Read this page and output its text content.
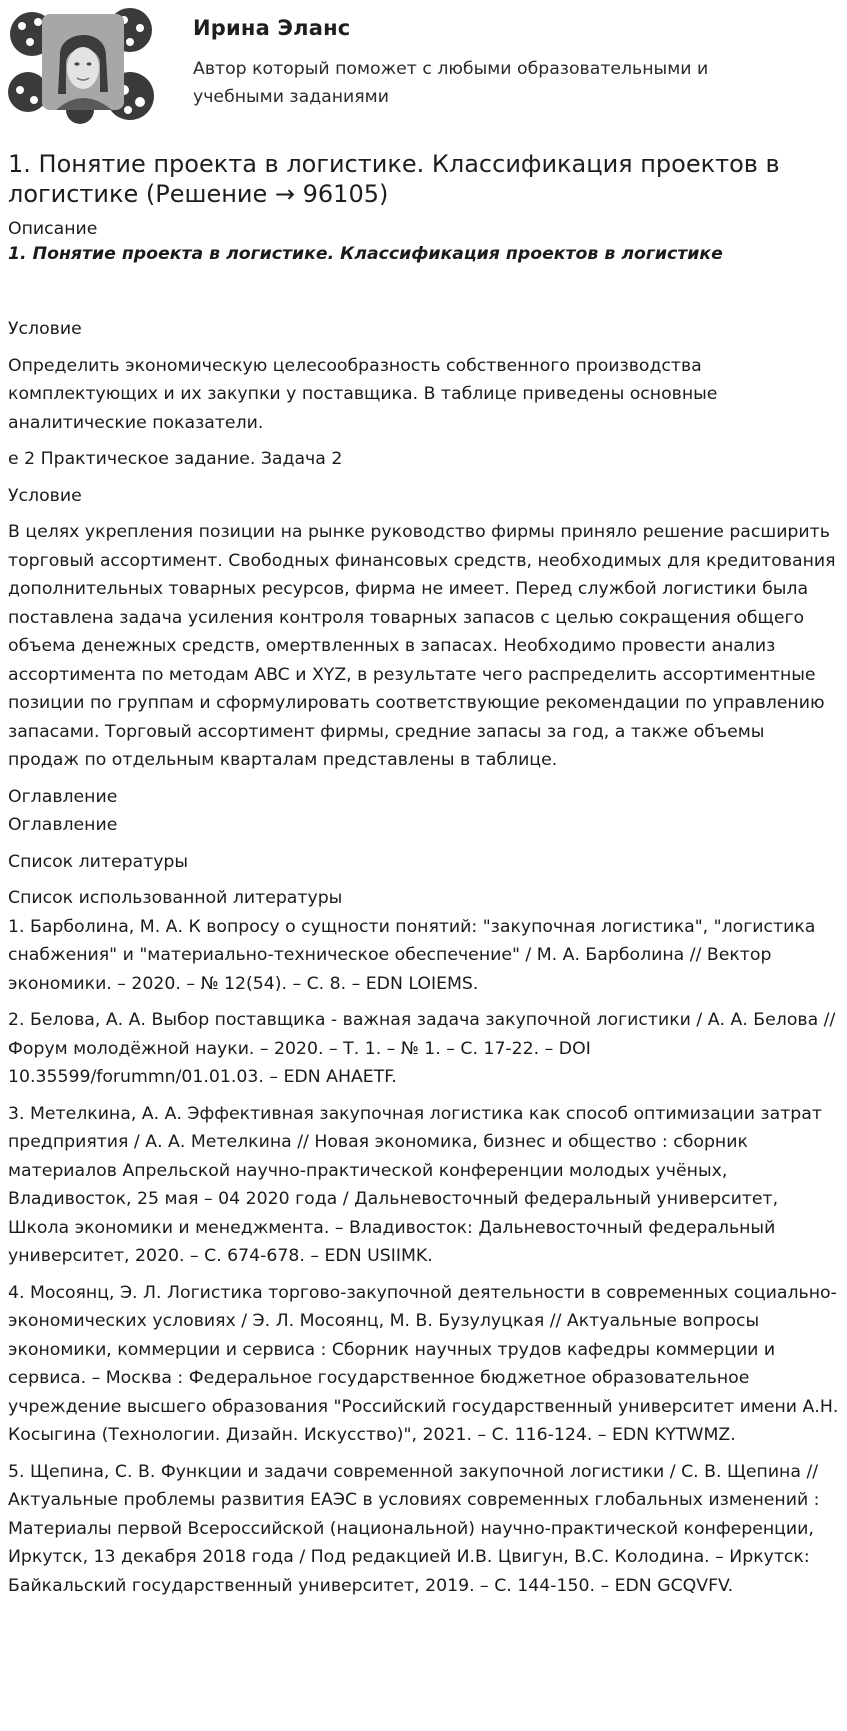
Ирина Эланс
Автор который поможет с любыми образовательными и учебными заданиями
1. Понятие проекта в логистике. Классификация проектов в логистике (Решение → 96105)
Описание
1. Понятие проекта в логистике. Классификация проектов в логистике

Условие

Определить экономическую целесообразность собственного производства комплектующих и их закупки у поставщика. В таблице приведены основные аналитические показатели.

е 2 Практическое задание. Задача 2

Условие

В целях укрепления позиции на рынке руководство фирмы приняло решение расширить торговый ассортимент. Свободных финансовых средств, необходимых для кредитования дополнительных товарных ресурсов, фирма не имеет. Перед службой логистики была поставлена задача усиления контроля товарных запасов с целью сокращения общего объема денежных средств, омертвленных в запасах. Необходимо провести анализ ассортимента по методам ABC и XYZ, в результате чего распределить ассортиментные позиции по группам и сформулировать соответствующие рекомендации по управлению запасами. Торговый ассортимент фирмы, средние запасы за год, а также объемы продаж по отдельным кварталам представлены в таблице.

Оглавление

Оглавление

Список литературы

Список использованной литературы

1. Барболина, М. А. К вопросу о сущности понятий: "закупочная логистика", "логистика снабжения" и "материально-техническое обеспечение" / М. А. Барболина // Вектор экономики. – 2020. – № 12(54). – С. 8. – EDN LOIEMS.

2. Белова, А. А. Выбор поставщика - важная задача закупочной логистики / А. А. Белова // Форум молодёжной науки. – 2020. – Т. 1. – № 1. – С. 17-22. – DOI 10.35599/forummn/01.01.03. – EDN AHAETF.

3. Метелкина, А. А. Эффективная закупочная логистика как способ оптимизации затрат предприятия / А. А. Метелкина // Новая экономика, бизнес и общество : сборник материалов Апрельской научно-практической конференции молодых учёных, Владивосток, 25 мая – 04 2020 года / Дальневосточный федеральный университет, Школа экономики и менеджмента. – Владивосток: Дальневосточный федеральный университет, 2020. – С. 674-678. – EDN USIIMK.

4. Мосоянц, Э. Л. Логистика торгово-закупочной деятельности в современных социально-экономических условиях / Э. Л. Мосоянц, М. В. Бузулуцкая // Актуальные вопросы экономики, коммерции и сервиса : Сборник научных трудов кафедры коммерции и сервиса. – Москва : Федеральное государственное бюджетное образовательное учреждение высшего образования "Российский государственный университет имени А.Н. Косыгина (Технологии. Дизайн. Искусство)", 2021. – С. 116-124. – EDN KYTWMZ.

5. Щепина, С. В. Функции и задачи современной закупочной логистики / С. В. Щепина // Актуальные проблемы развития ЕАЭС в условиях современных глобальных изменений : Материалы первой Всероссийской (национальной) научно-практической конференции, Иркутск, 13 декабря 2018 года / Под редакцией И.В. Цвигун, В.С. Колодина. – Иркутск: Байкальский государственный университет, 2019. – С. 144-150. – EDN GCQVFV.
